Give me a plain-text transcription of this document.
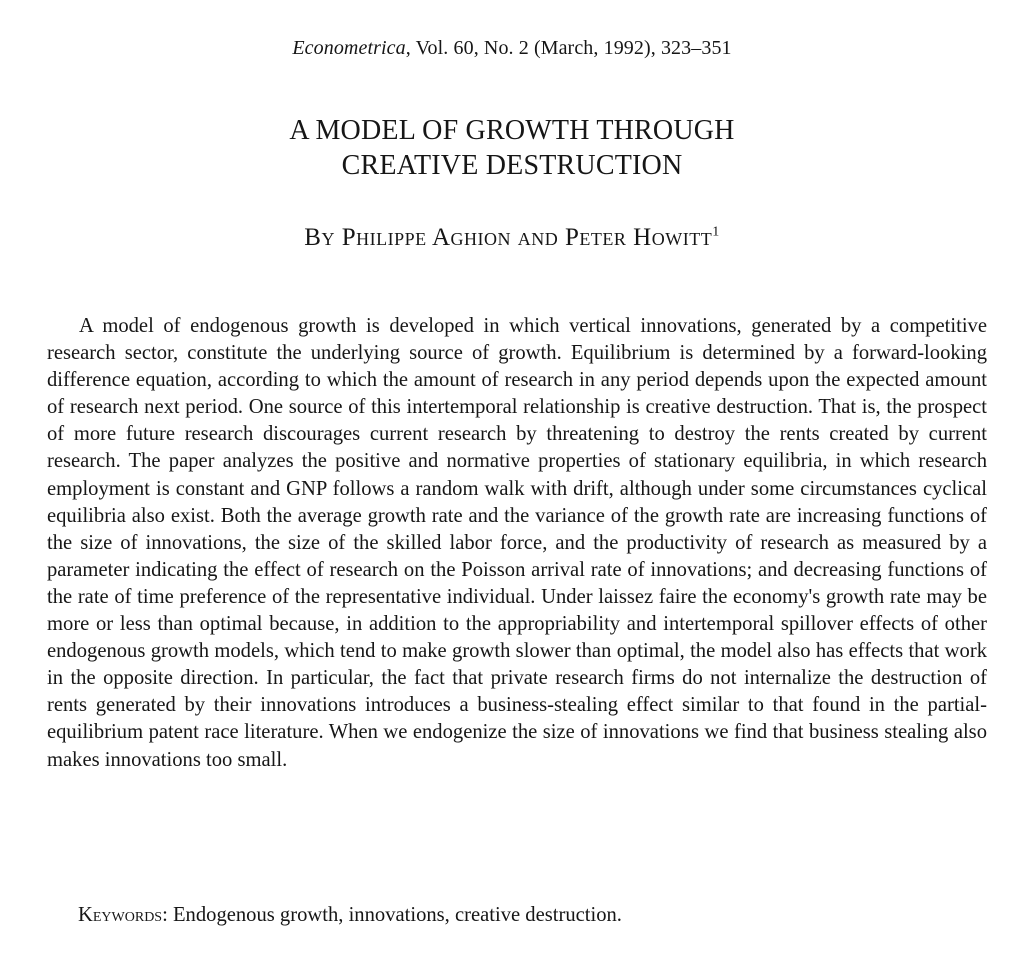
Econometrica, Vol. 60, No. 2 (March, 1992), 323–351
A MODEL OF GROWTH THROUGH
CREATIVE DESTRUCTION
By Philippe Aghion and Peter Howitt$^1$

A model of endogenous growth is developed in which vertical innovations, generated by a competitive research sector, constitute the underlying source of growth. Equilibrium is determined by a forward-looking difference equation, according to which the amount of research in any period depends upon the expected amount of research next period. One source of this intertemporal relationship is creative destruction. That is, the prospect of more future research discourages current research by threatening to destroy the rents created by current research. The paper analyzes the positive and normative properties of stationary equilibria, in which research employment is constant and GNP follows a random walk with drift, although under some circumstances cyclical equilibria also exist. Both the average growth rate and the variance of the growth rate are increasing functions of the size of innovations, the size of the skilled labor force, and the productivity of research as measured by a parameter indicating the effect of research on the Poisson arrival rate of innovations; and decreasing functions of the rate of time preference of the representative individual. Under laissez faire the economy's growth rate may be more or less than optimal because, in addition to the appropriability and intertemporal spillover effects of other endogenous growth models, which tend to make growth slower than optimal, the model also has effects that work in the opposite direction. In particular, the fact that private research firms do not internalize the destruction of rents generated by their innovations introduces a business-stealing effect similar to that found in the partial-equilibrium patent race literature. When we endogenize the size of innovations we find that business stealing also makes innovations too small.

Keywords: Endogenous growth, innovations, creative destruction.
